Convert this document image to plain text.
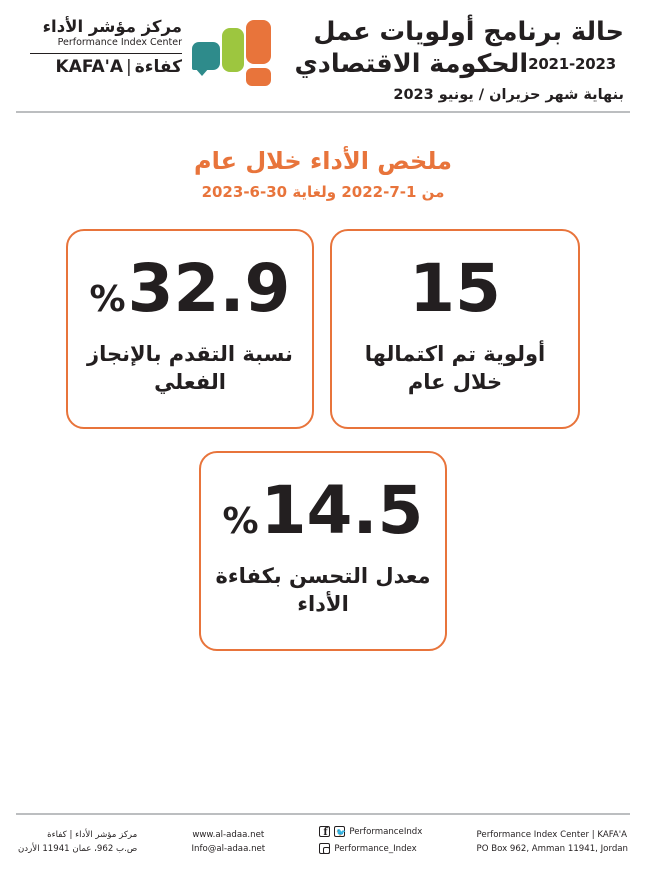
مركز مؤشر الأداء
Performance Index Center
كفاءة|KAFA'A
حالة برنامج أولويات عمل
2021-2023الحكومة الاقتصادي
بنهاية شهر حزيران / يونيو 2023
ملخص الأداء خلال عام
من 1-7-2022 ولغاية 30-6-2023
32.9
%
نسبة التقدم بالإنجاز الفعلي
15
أولوية تم اكتمالها خلال عام
14.5
%
معدل التحسن بكفاءة الأداء
مركز مؤشر الأداء | كفاءة
ص.ب 962، عمان 11941 الأردن
www.al-adaa.net
Info@al-adaa.net
f
🐦
PerformanceIndx
Performance_Index
Performance Index Center | KAFA'A
PO Box 962, Amman 11941, Jordan
